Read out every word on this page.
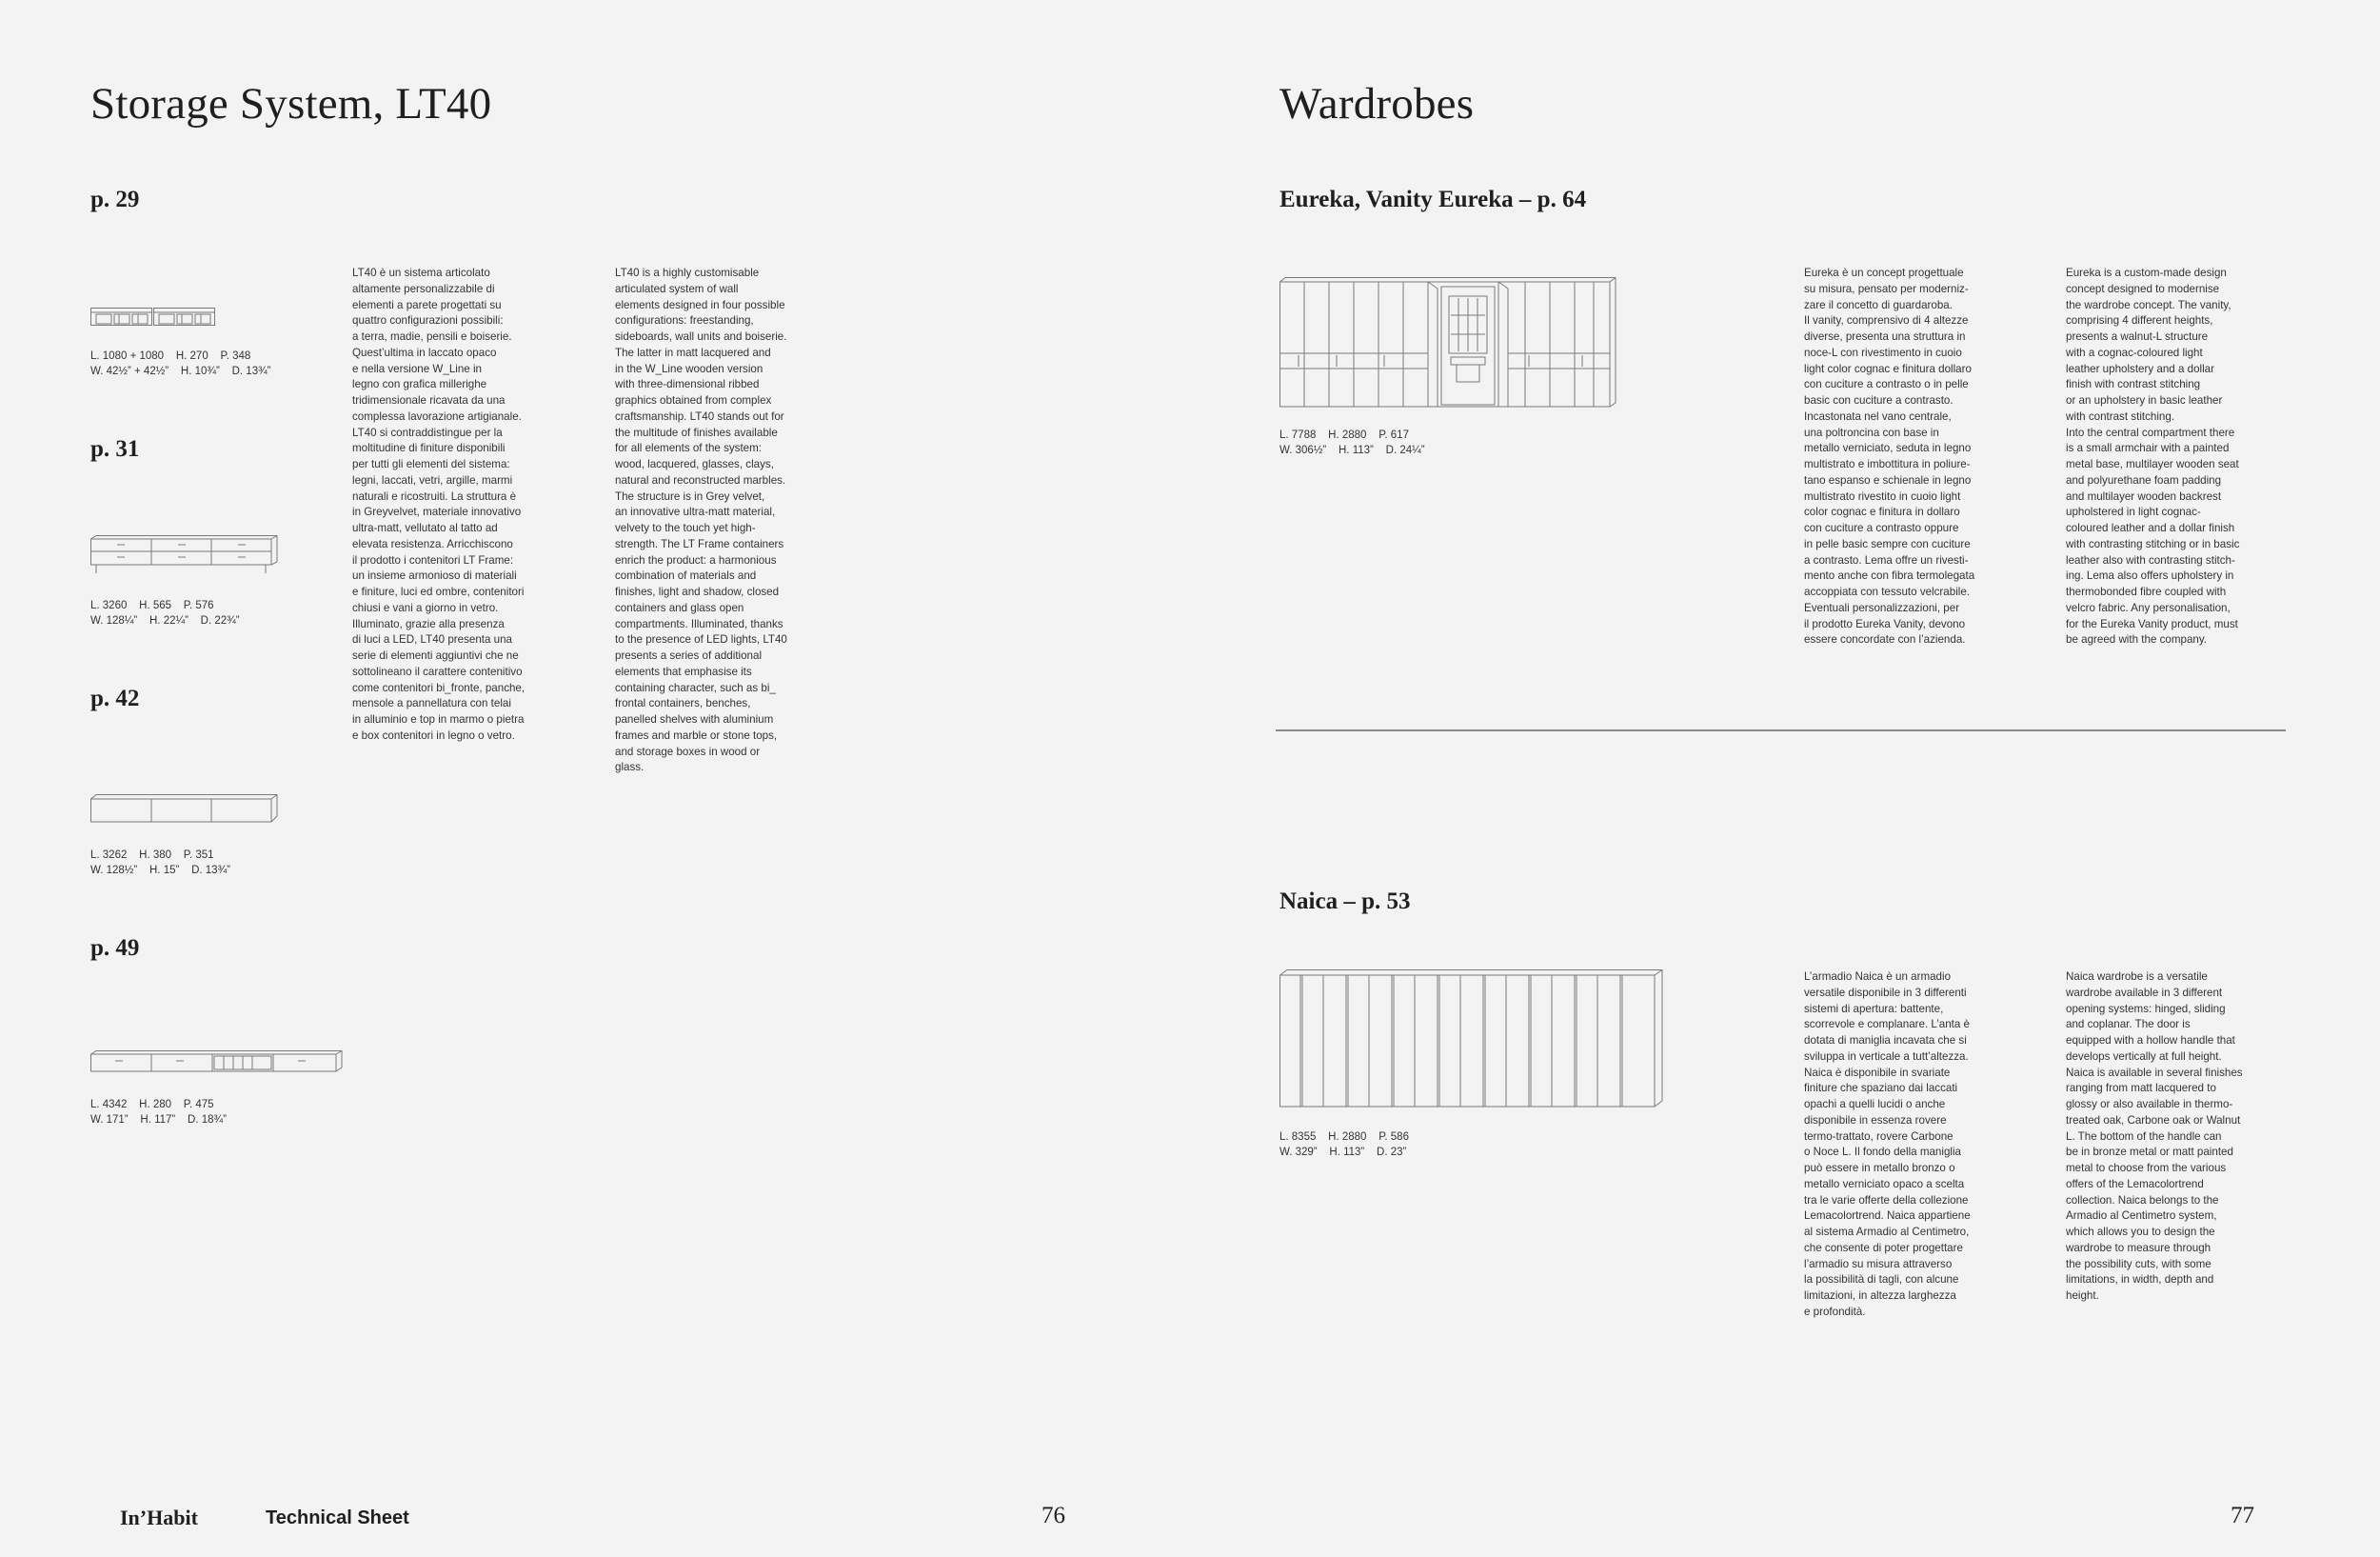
Storage System, LT40
p. 29
L. 1080 + 1080    H. 270    P. 348
W. 42½” + 42½”    H. 10¾”    D. 13¾”
p. 31
L. 3260    H. 565    P. 576
W. 128¼”    H. 22¼”    D. 22¾”
p. 42
L. 3262    H. 380    P. 351
W. 128½”    H. 15”    D. 13¾”
p. 49
L. 4342    H. 280    P. 475
W. 171”    H. 117”    D. 18¾”
LT40 è un sistema articolato
altamente personalizzabile di
elementi a parete progettati su
quattro configurazioni possibili:
a terra, madie, pensili e boiserie.
Quest’ultima in laccato opaco
e nella versione W_Line in
legno con grafica millerighe
tridimensionale ricavata da una
complessa lavorazione artigianale.
LT40 si contraddistingue per la
moltitudine di finiture disponibili
per tutti gli elementi del sistema:
legni, laccati, vetri, argille, marmi
naturali e ricostruiti. La struttura è
in Greyvelvet, materiale innovativo
ultra-matt, vellutato al tatto ad
elevata resistenza. Arricchiscono
il prodotto i contenitori LT Frame:
un insieme armonioso di materiali
e finiture, luci ed ombre, contenitori
chiusi e vani a giorno in vetro.
Illuminato, grazie alla presenza
di luci a LED, LT40 presenta una
serie di elementi aggiuntivi che ne
sottolineano il carattere contenitivo
come contenitori bi_fronte, panche,
mensole a pannellatura con telai
in alluminio e top in marmo o pietra
e box contenitori in legno o vetro.
LT40 is a highly customisable
articulated system of wall
elements designed in four possible
configurations: freestanding,
sideboards, wall units and boiserie.
The latter in matt lacquered and
in the W_Line wooden version
with three-dimensional ribbed
graphics obtained from complex
craftsmanship. LT40 stands out for
the multitude of finishes available
for all elements of the system:
wood, lacquered, glasses, clays,
natural and reconstructed marbles.
The structure is in Grey velvet,
an innovative ultra-matt material,
velvety to the touch yet high-
strength. The LT Frame containers
enrich the product: a harmonious
combination of materials and
finishes, light and shadow, closed
containers and glass open
compartments. Illuminated, thanks
to the presence of LED lights, LT40
presents a series of additional
elements that emphasise its
containing character, such as bi_
frontal containers, benches,
panelled shelves with aluminium
frames and marble or stone tops,
and storage boxes in wood or
glass.
Wardrobes
Eureka, Vanity Eureka – p. 64
L. 7788    H. 2880    P. 617
W. 306½”    H. 113”    D. 24¼”
Eureka è un concept progettuale
su misura, pensato per moderniz-
zare il concetto di guardaroba.
Il vanity, comprensivo di 4 altezze
diverse, presenta una struttura in
noce-L con rivestimento in cuoio
light color cognac e finitura dollaro
con cuciture a contrasto o in pelle
basic con cuciture a contrasto.
Incastonata nel vano centrale,
una poltroncina con base in
metallo verniciato, seduta in legno
multistrato e imbottitura in poliure-
tano espanso e schienale in legno
multistrato rivestito in cuoio light
color cognac e finitura in dollaro
con cuciture a contrasto oppure
in pelle basic sempre con cuciture
a contrasto. Lema offre un rivesti-
mento anche con fibra termolegata
accoppiata con tessuto velcrabile.
Eventuali personalizzazioni, per
il prodotto Eureka Vanity, devono
essere concordate con l’azienda.
Eureka is a custom-made design
concept designed to modernise
the wardrobe concept. The vanity,
comprising 4 different heights,
presents a walnut-L structure
with a cognac-coloured light
leather upholstery and a dollar
finish with contrast stitching
or an upholstery in basic leather
with contrast stitching.
Into the central compartment there
is a small armchair with a painted
metal base, multilayer wooden seat
and polyurethane foam padding
and multilayer wooden backrest
upholstered in light cognac-
coloured leather and a dollar finish
with contrasting stitching or in basic
leather also with contrasting stitch-
ing. Lema also offers upholstery in
thermobonded fibre coupled with
velcro fabric. Any personalisation,
for the Eureka Vanity product, must
be agreed with the company.
Naica – p. 53
L. 8355    H. 2880    P. 586
W. 329”    H. 113”    D. 23”
L’armadio Naica è un armadio
versatile disponibile in 3 differenti
sistemi di apertura: battente,
scorrevole e complanare. L’anta è
dotata di maniglia incavata che si
sviluppa in verticale a tutt’altezza.
Naica è disponibile in svariate
finiture che spaziano dai laccati
opachi a quelli lucidi o anche
disponibile in essenza rovere
termo-trattato, rovere Carbone
o Noce L. Il fondo della maniglia
può essere in metallo bronzo o
metallo verniciato opaco a scelta
tra le varie offerte della collezione
Lemacolortrend. Naica appartiene
al sistema Armadio al Centimetro,
che consente di poter progettare
l’armadio su misura attraverso
la possibilità di tagli, con alcune
limitazioni, in altezza larghezza
e profondità.
Naica wardrobe is a versatile
wardrobe available in 3 different
opening systems: hinged, sliding
and coplanar. The door is
equipped with a hollow handle that
develops vertically at full height.
Naica is available in several finishes
ranging from matt lacquered to
glossy or also available in thermo-
treated oak, Carbone oak or Walnut
L. The bottom of the handle can
be in bronze metal or matt painted
metal to choose from the various
offers of the Lemacolortrend
collection. Naica belongs to the
Armadio al Centimetro system,
which allows you to design the
wardrobe to measure through
the possibility cuts, with some
limitations, in width, depth and
height.
In’Habit	Technical Sheet	76	77
